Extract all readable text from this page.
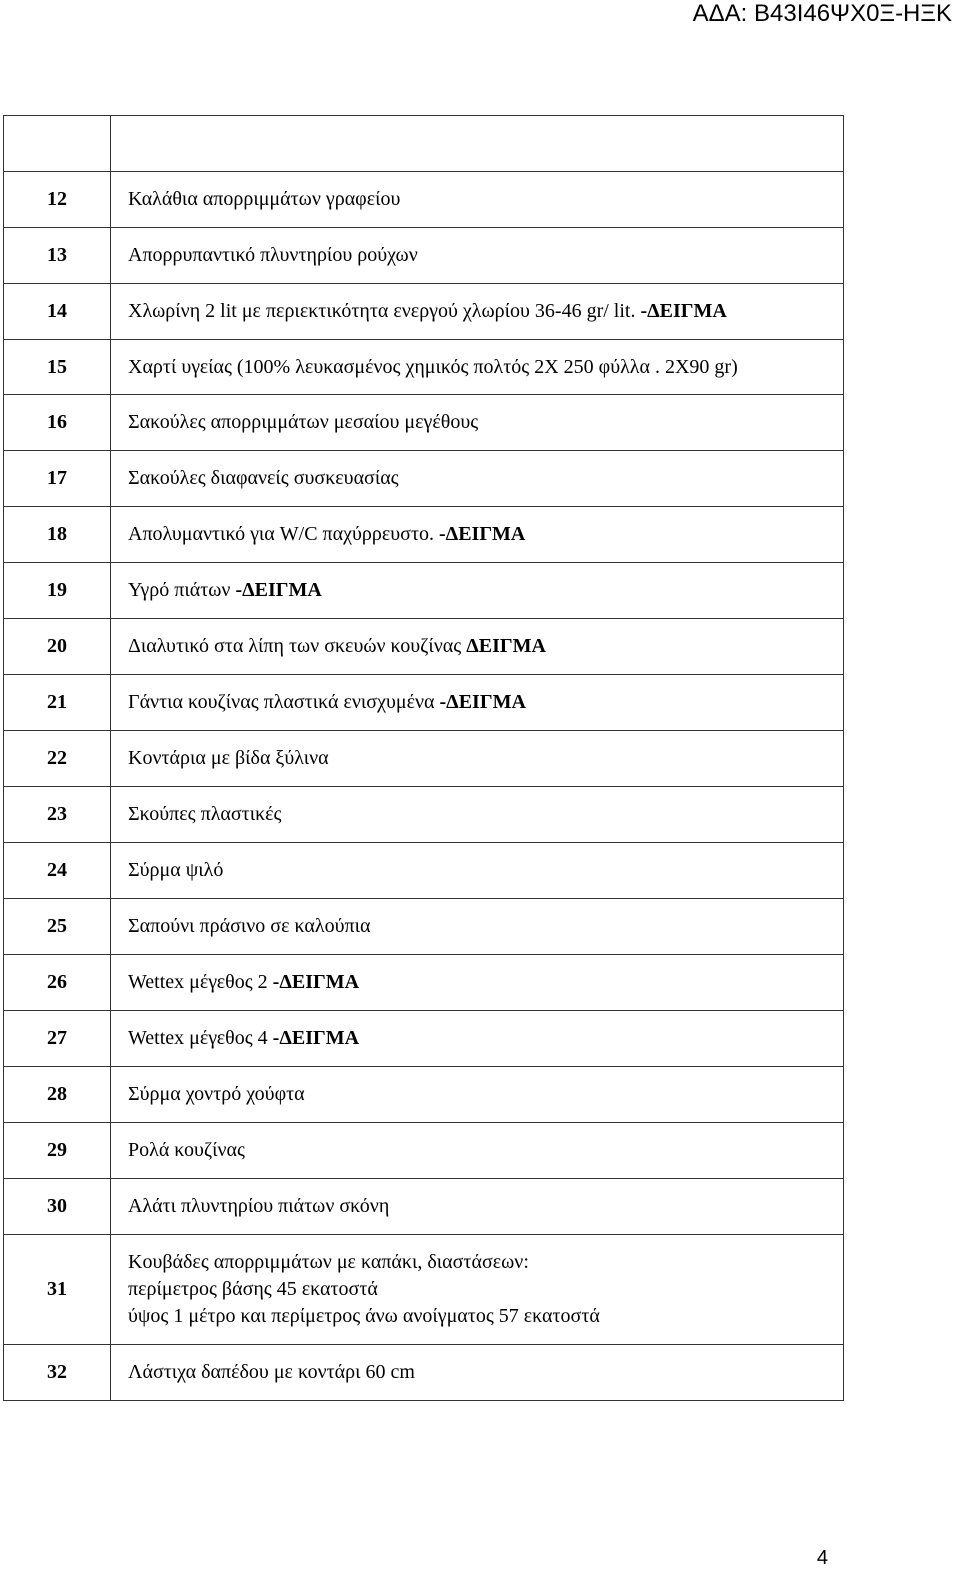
ΑΔΑ: Β43Ι46ΨΧ0Ξ-ΗΞΚ

12	Καλάθια απορριμμάτων γραφείου
13	Απορρυπαντικό πλυντηρίου ρούχων
14	Χλωρίνη 2 lit με περιεκτικότητα ενεργού χλωρίου 36-46 gr/ lit. -ΔΕΙΓΜΑ
15	Χαρτί υγείας (100% λευκασμένος χημικός πολτός 2Χ 250 φύλλα . 2Χ90 gr)
16	Σακούλες απορριμμάτων μεσαίου μεγέθους
17	Σακούλες διαφανείς συσκευασίας
18	Απολυμαντικό για W/C παχύρρευστο. -ΔΕΙΓΜΑ
19	Υγρό πιάτων -ΔΕΙΓΜΑ
20	Διαλυτικό στα λίπη των σκευών κουζίνας ΔΕΙΓΜΑ
21	Γάντια κουζίνας πλαστικά ενισχυμένα -ΔΕΙΓΜΑ
22	Κοντάρια με βίδα ξύλινα
23	Σκούπες πλαστικές
24	Σύρμα ψιλό
25	Σαπούνι πράσινο σε καλούπια
26	Wettex μέγεθος 2 -ΔΕΙΓΜΑ
27	Wettex μέγεθος 4 -ΔΕΙΓΜΑ
28	Σύρμα χοντρό χούφτα
29	Ρολά κουζίνας
30	Αλάτι πλυντηρίου πιάτων σκόνη
31	Κουβάδες απορριμμάτων με καπάκι, διαστάσεων:
περίμετρος βάσης 45 εκατοστά
ύψος 1 μέτρο και περίμετρος άνω ανοίγματος 57 εκατοστά

32	Λάστιχα δαπέδου με κοντάρι 60 cm
4
